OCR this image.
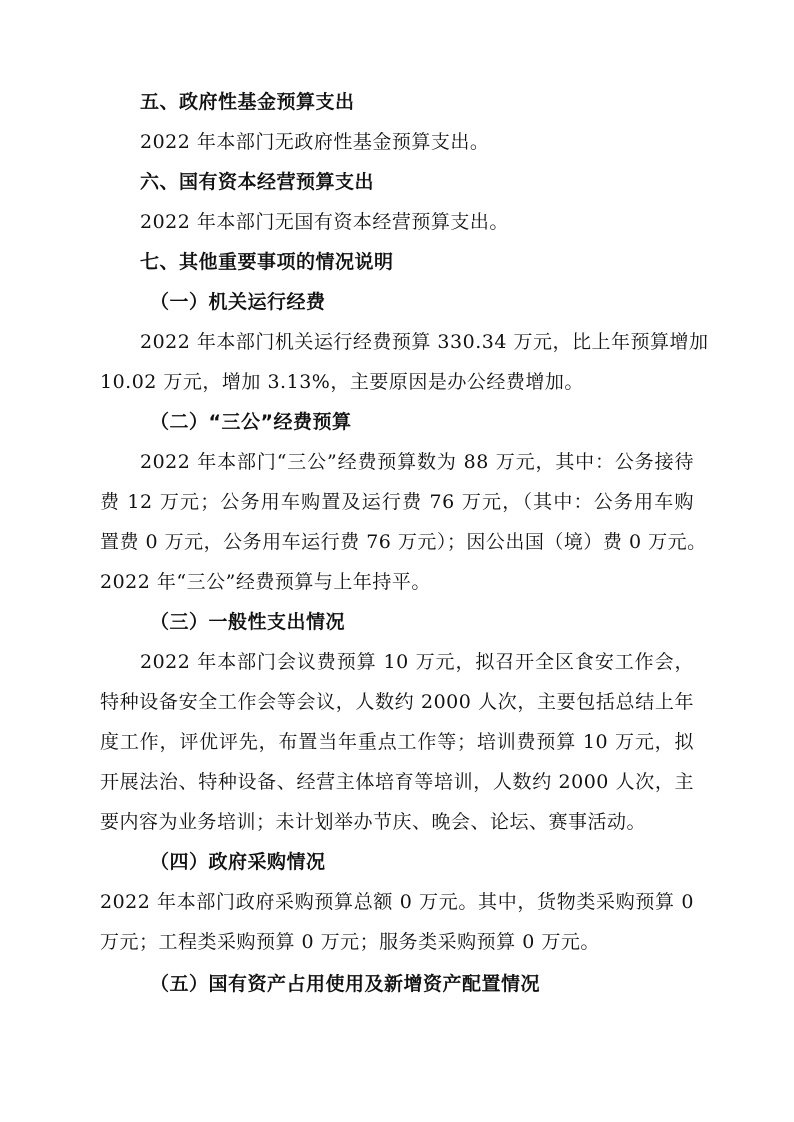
五、政府性基金预算支出
2022 年本部门无政府性基金预算支出。
六、国有资本经营预算支出
2022 年本部门无国有资本经营预算支出。
七、其他重要事项的情况说明
（一）机关运行经费
2022 年本部门机关运行经费预算 330.34 万元，比上年预算增加
10.02 万元，增加 3.13%，主要原因是办公经费增加。
（二）“三公”经费预算
2022 年本部门“三公”经费预算数为 88 万元，其中：公务接待
费 12 万元；公务用车购置及运行费 76 万元，（其中：公务用车购
置费 0 万元，公务用车运行费 76 万元）；因公出国（境）费 0 万元。
2022 年“三公”经费预算与上年持平。
（三）一般性支出情况
2022 年本部门会议费预算 10 万元，拟召开全区食安工作会，
特种设备安全工作会等会议，人数约 2000 人次，主要包括总结上年
度工作，评优评先，布置当年重点工作等；培训费预算 10 万元，拟
开展法治、特种设备、经营主体培育等培训，人数约 2000 人次，主
要内容为业务培训；未计划举办节庆、晚会、论坛、赛事活动。
（四）政府采购情况
2022 年本部门政府采购预算总额 0 万元。其中，货物类采购预算 0
万元；工程类采购预算 0 万元；服务类采购预算 0 万元。
（五）国有资产占用使用及新增资产配置情况
